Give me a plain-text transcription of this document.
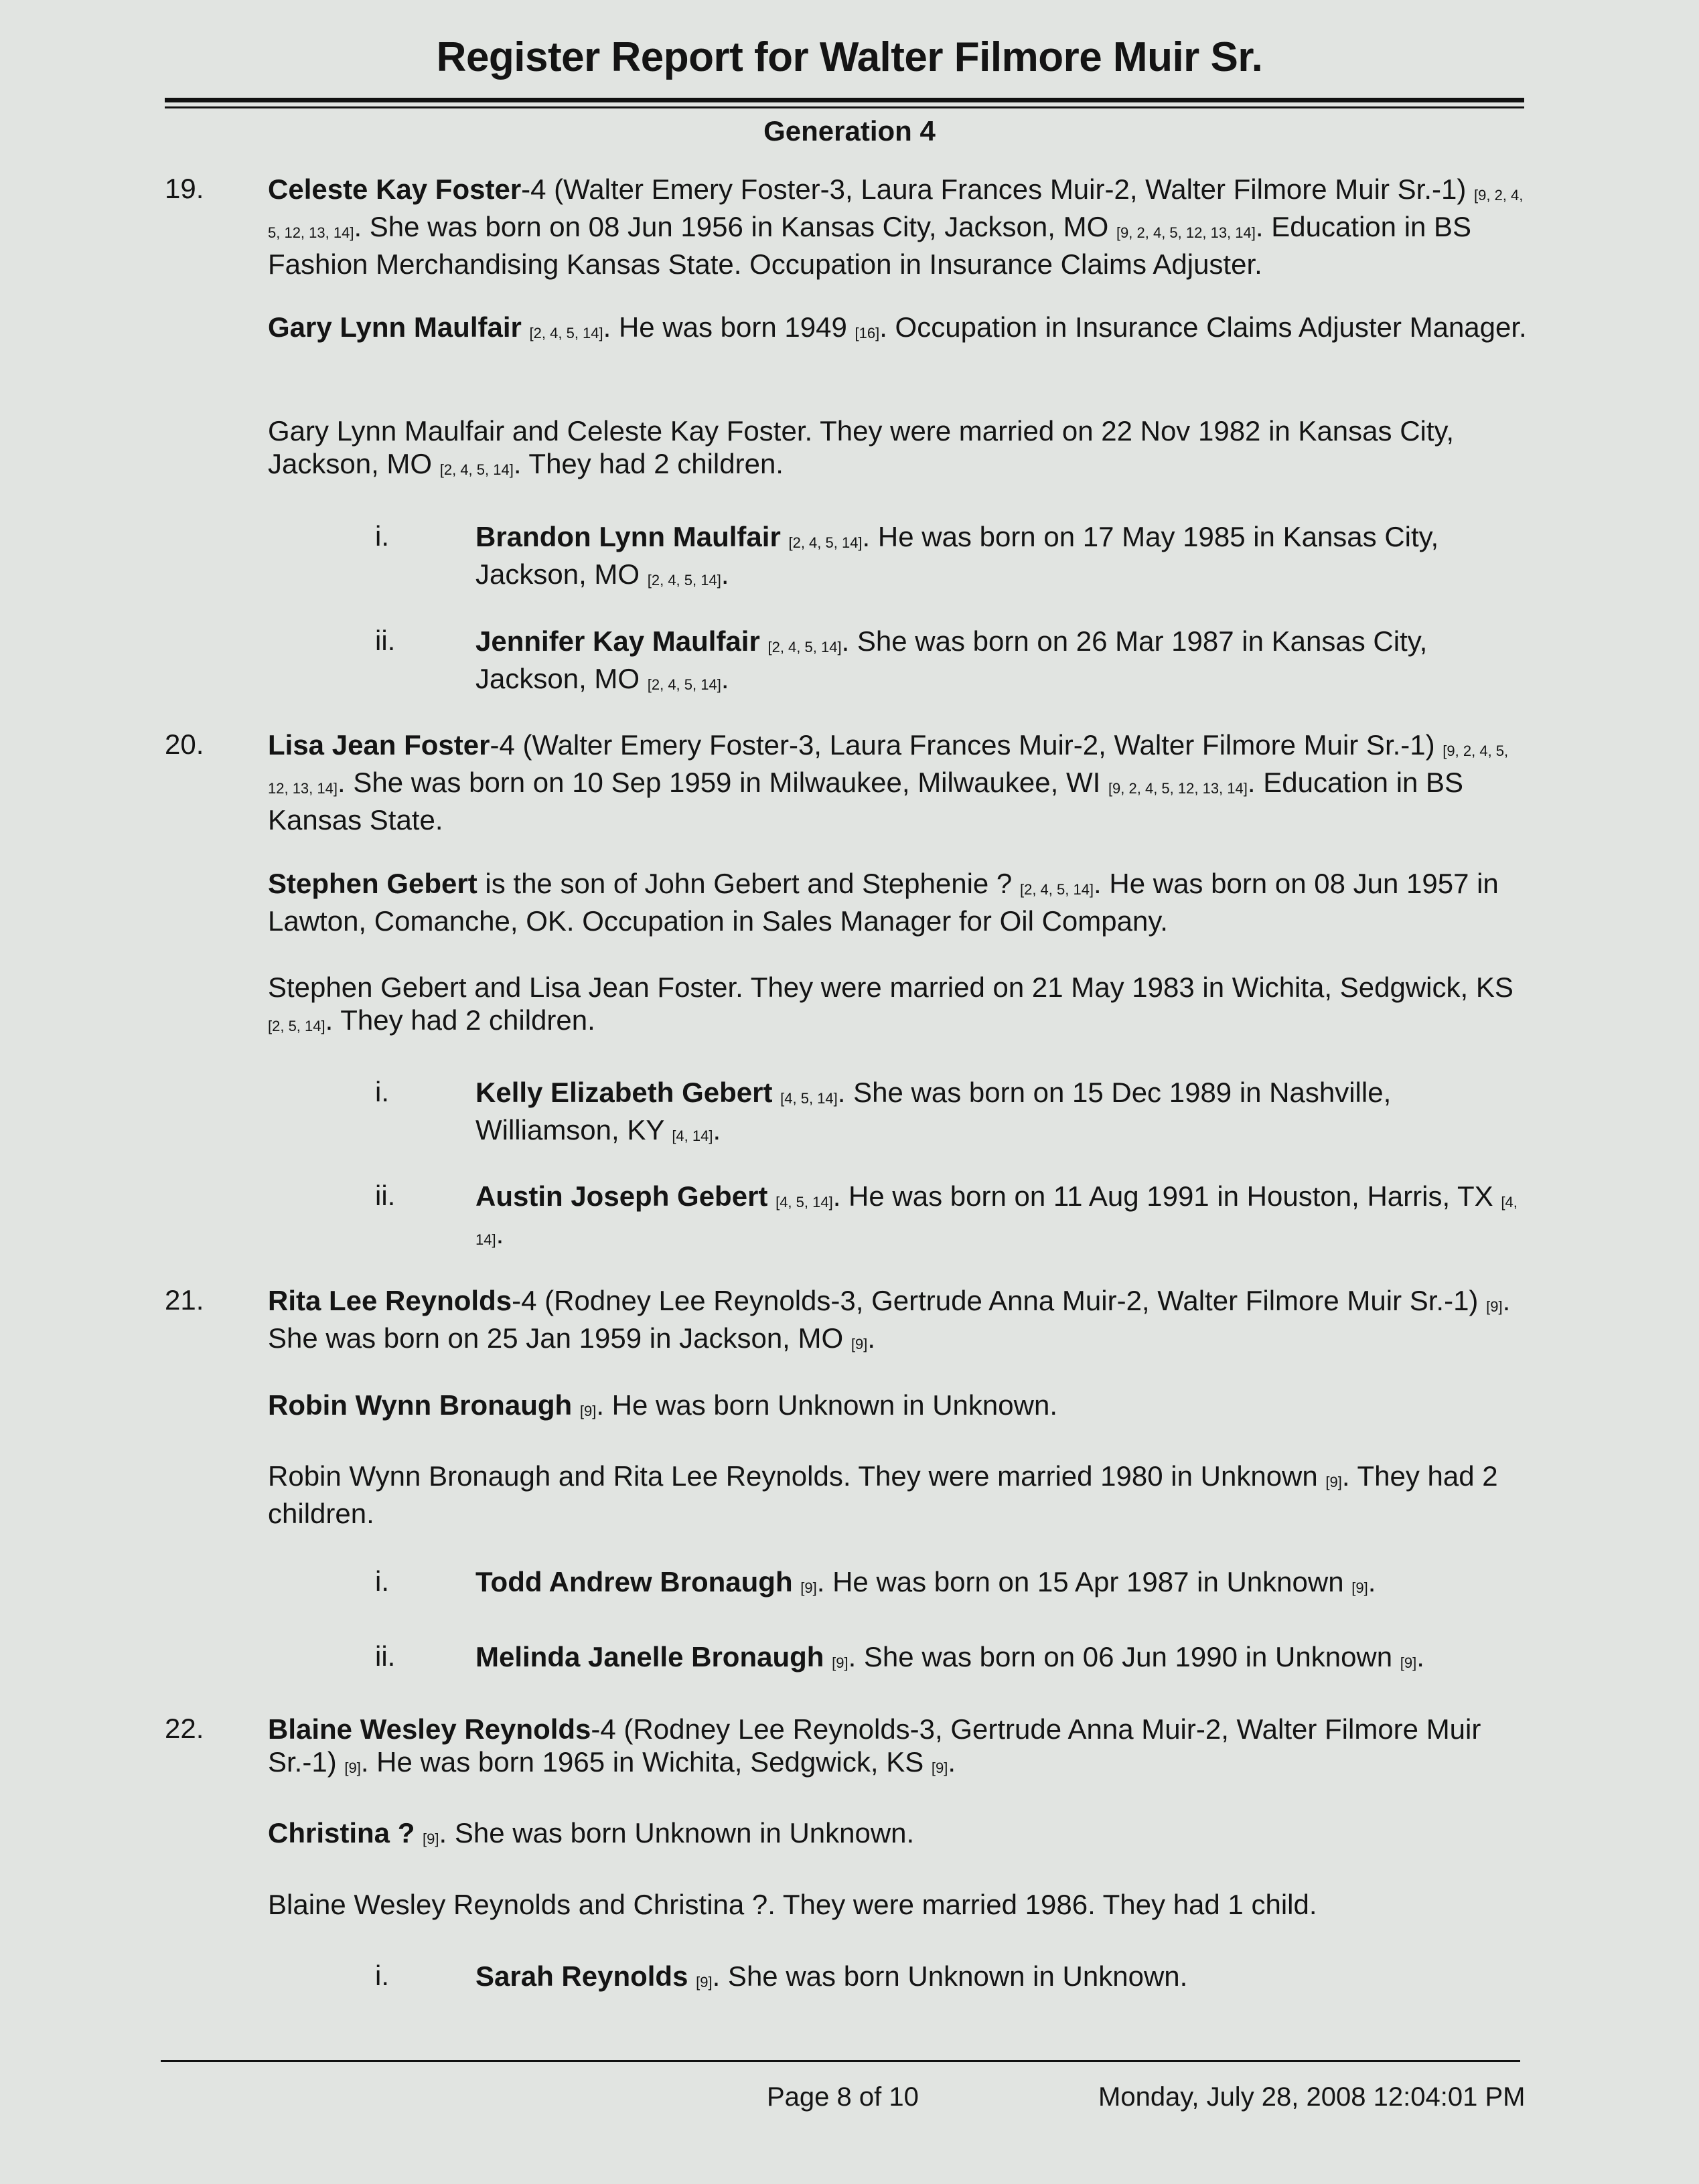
Register Report for Walter Filmore Muir Sr.
Generation 4
19. Celeste Kay Foster-4 (Walter Emery Foster-3, Laura Frances Muir-2, Walter Filmore Muir Sr.-1) [9, 2, 4, 5, 12, 13, 14]. She was born on 08 Jun 1956 in Kansas City, Jackson, MO [9, 2, 4, 5, 12, 13, 14]. Education in BS Fashion Merchandising Kansas State. Occupation in Insurance Claims Adjuster.
Gary Lynn Maulfair [2, 4, 5, 14]. He was born 1949 [16]. Occupation in Insurance Claims Adjuster Manager.
Gary Lynn Maulfair and Celeste Kay Foster. They were married on 22 Nov 1982 in Kansas City, Jackson, MO [2, 4, 5, 14]. They had 2 children.
i.	Brandon Lynn Maulfair [2, 4, 5, 14]. He was born on 17 May 1985 in Kansas City, Jackson, MO [2, 4, 5, 14].
ii.	Jennifer Kay Maulfair [2, 4, 5, 14]. She was born on 26 Mar 1987 in Kansas City, Jackson, MO [2, 4, 5, 14].
20. Lisa Jean Foster-4 (Walter Emery Foster-3, Laura Frances Muir-2, Walter Filmore Muir Sr.-1) [9, 2, 4, 5, 12, 13, 14]. She was born on 10 Sep 1959 in Milwaukee, Milwaukee, WI [9, 2, 4, 5, 12, 13, 14]. Education in BS Kansas State.
Stephen Gebert is the son of John Gebert and Stephenie ? [2, 4, 5, 14]. He was born on 08 Jun 1957 in Lawton, Comanche, OK. Occupation in Sales Manager for Oil Company.
Stephen Gebert and Lisa Jean Foster. They were married on 21 May 1983 in Wichita, Sedgwick, KS [2, 5, 14]. They had 2 children.
i.	Kelly Elizabeth Gebert [4, 5, 14]. She was born on 15 Dec 1989 in Nashville, Williamson, KY [4, 14].
ii.	Austin Joseph Gebert [4, 5, 14]. He was born on 11 Aug 1991 in Houston, Harris, TX [4, 14].
21. Rita Lee Reynolds-4 (Rodney Lee Reynolds-3, Gertrude Anna Muir-2, Walter Filmore Muir Sr.-1) [9]. She was born on 25 Jan 1959 in Jackson, MO [9].
Robin Wynn Bronaugh [9]. He was born Unknown in Unknown.
Robin Wynn Bronaugh and Rita Lee Reynolds. They were married 1980 in Unknown [9]. They had 2 children.
i.	Todd Andrew Bronaugh [9]. He was born on 15 Apr 1987 in Unknown [9].
ii.	Melinda Janelle Bronaugh [9]. She was born on 06 Jun 1990 in Unknown [9].
22. Blaine Wesley Reynolds-4 (Rodney Lee Reynolds-3, Gertrude Anna Muir-2, Walter Filmore Muir Sr.-1) [9]. He was born 1965 in Wichita, Sedgwick, KS [9].
Christina ? [9]. She was born Unknown in Unknown.
Blaine Wesley Reynolds and Christina ?. They were married 1986. They had 1 child.
i.	Sarah Reynolds [9]. She was born Unknown in Unknown.
Page 8 of 10	Monday, July 28, 2008 12:04:01 PM
